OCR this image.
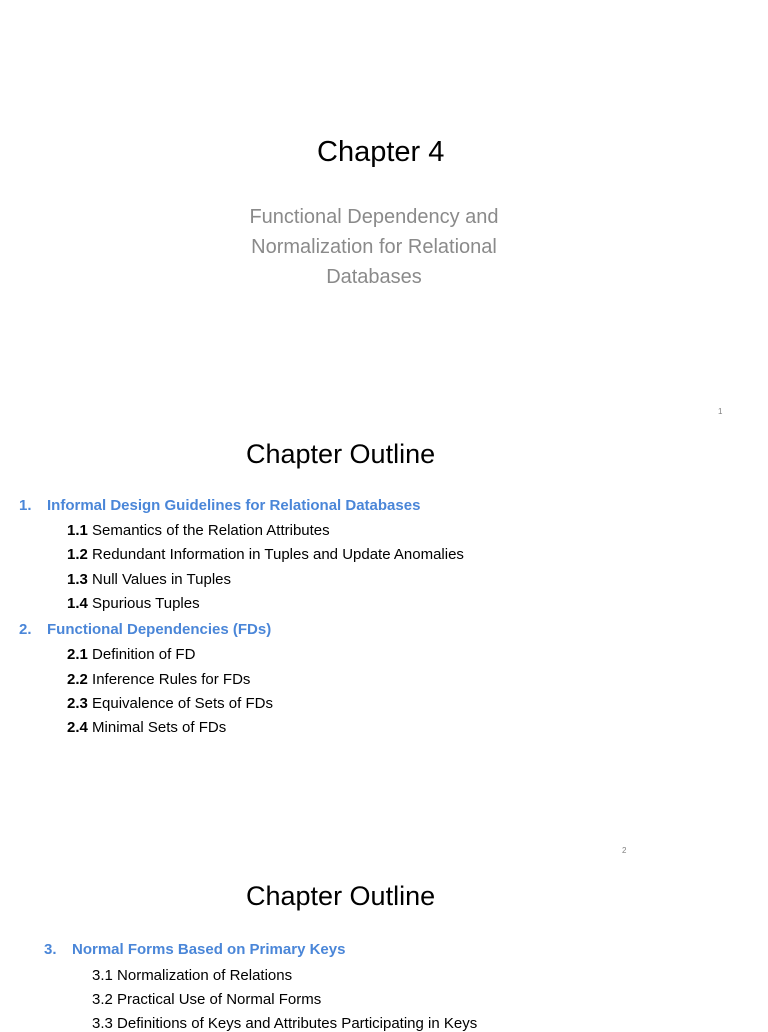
Chapter 4
Functional Dependency and
Normalization for Relational
Databases
1
Chapter Outline
1. Informal Design Guidelines for Relational Databases
1.1 Semantics of the Relation Attributes
1.2 Redundant Information in Tuples and Update Anomalies
1.3 Null Values in Tuples
1.4 Spurious Tuples
2. Functional Dependencies (FDs)
2.1 Definition of FD
2.2 Inference Rules for FDs
2.3 Equivalence of Sets of FDs
2.4 Minimal Sets of FDs
2
Chapter Outline
3. Normal Forms Based on Primary Keys
3.1 Normalization of Relations
3.2 Practical Use of Normal Forms
3.3 Definitions of Keys and Attributes Participating in Keys
